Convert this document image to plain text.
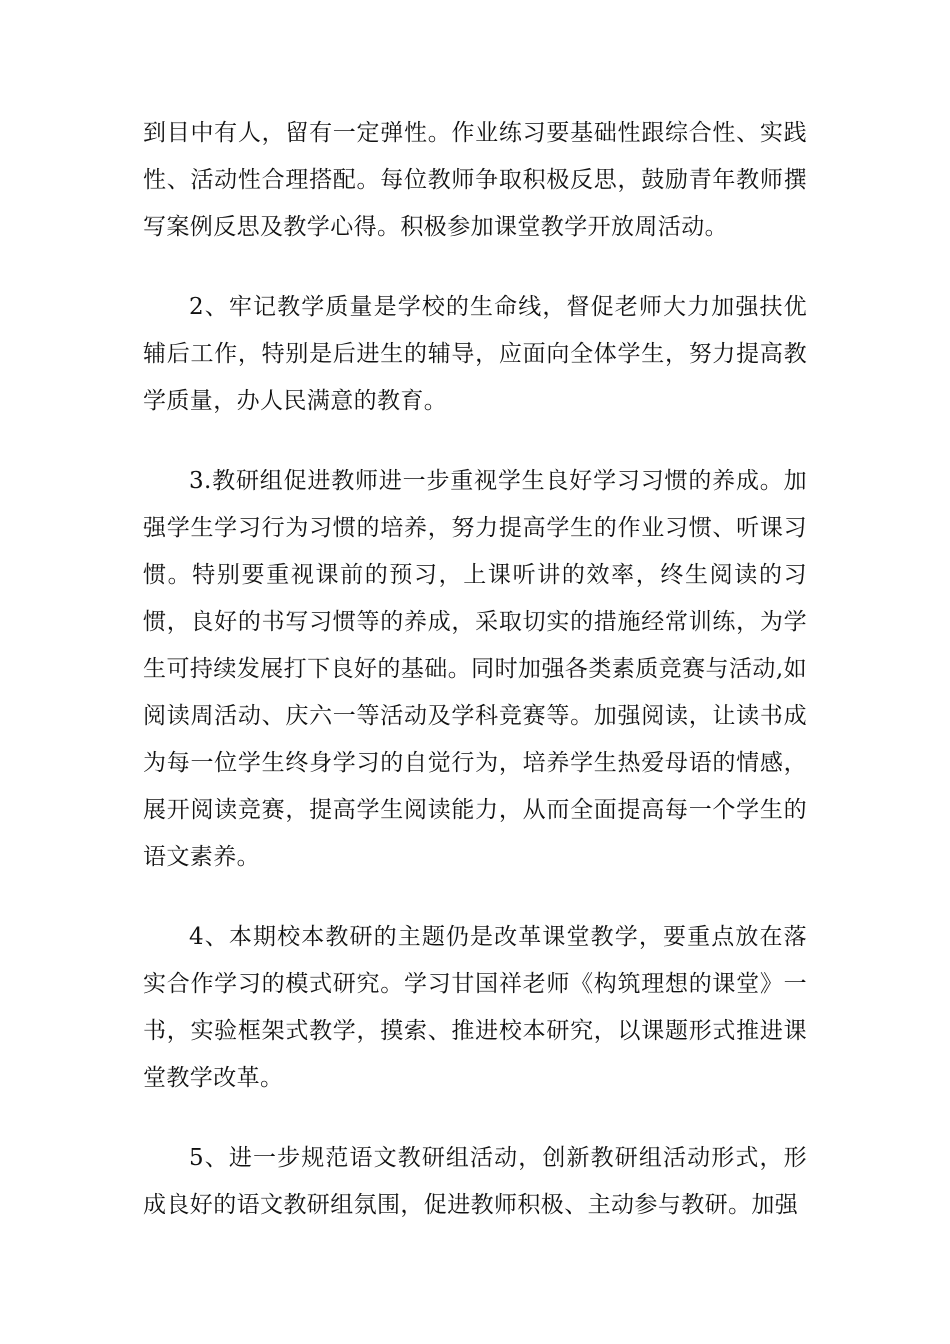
到目中有人，留有一定弹性。作业练习要基础性跟综合性、实践性、活动性合理搭配。每位教师争取积极反思，鼓励青年教师撰写案例反思及教学心得。积极参加课堂教学开放周活动。

2、牢记教学质量是学校的生命线，督促老师大力加强扶优辅后工作，特别是后进生的辅导，应面向全体学生，努力提高教学质量，办人民满意的教育。

3.教研组促进教师进一步重视学生良好学习习惯的养成。加强学生学习行为习惯的培养，努力提高学生的作业习惯、听课习惯。特别要重视课前的预习，上课听讲的效率，终生阅读的习惯，良好的书写习惯等的养成，采取切实的措施经常训练，为学生可持续发展打下良好的基础。同时加强各类素质竞赛与活动,如阅读周活动、庆六一等活动及学科竞赛等。加强阅读，让读书成为每一位学生终身学习的自觉行为，培养学生热爱母语的情感，展开阅读竞赛，提高学生阅读能力，从而全面提高每一个学生的语文素养。

4、本期校本教研的主题仍是改革课堂教学，要重点放在落实合作学习的模式研究。学习甘国祥老师《构筑理想的课堂》一书，实验框架式教学，摸索、推进校本研究，以课题形式推进课堂教学改革。

5、进一步规范语文教研组活动，创新教研组活动形式，形成良好的语文教研组氛围，促进教师积极、主动参与教研。加强
